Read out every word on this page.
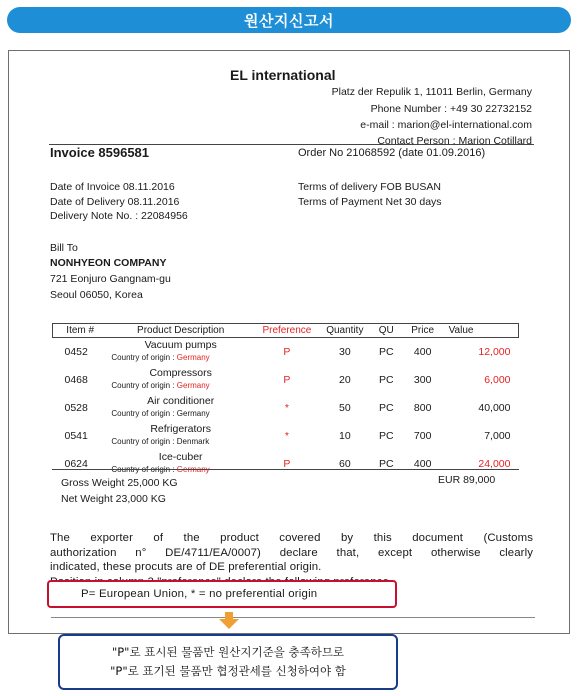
원산지신고서
EL international
Platz der Repulik 1, 11011 Berlin, Germany
Phone Number : +49 30 22732152
e-mail : marion@el-international.com
Contact Person : Marion Cotillard
Invoice 8596581	Order No 21068592 (date 01.09.2016)
Date of Invoice 08.11.2016
Date of Delivery 08.11.2016
Delivery Note No. : 22084956
Terms of delivery FOB BUSAN
Terms of Payment Net 30 days
Bill To
NONHYEON COMPANY
721 Eonjuro Gangnam-gu
Seoul 06050, Korea
Item #	Product Description	Preference	Quantity	QU	Price	Value
0452	Vacuum pumps
Country of origin : Germany	P	30	PC	400	12,000
0468	Compressors
Country of origin : Germany	P	20	PC	300	6,000
0528	Air conditioner
Country of origin : Germany	*	50	PC	800	40,000
0541	Refrigerators
Country of origin : Denmark	*	10	PC	700	7,000
0624	Ice-cuber
Country of origin : Germany	P	60	PC	400	24,000
Gross Weight 25,000 KG
Net Weight 23,000 KG
EUR 89,000
The exporter of the product covered by this document (Customs
authorization n° DE/4711/EA/0007) declare that, except otherwise clearly
indicated, these procuts are of DE preferential origin.
P= European Union, * = no preferential origin
"P"로 표시된 물품만 원산지기준을 충족하므로
"P"로 표기된 물품만 협정관세를 신청하여야 함
